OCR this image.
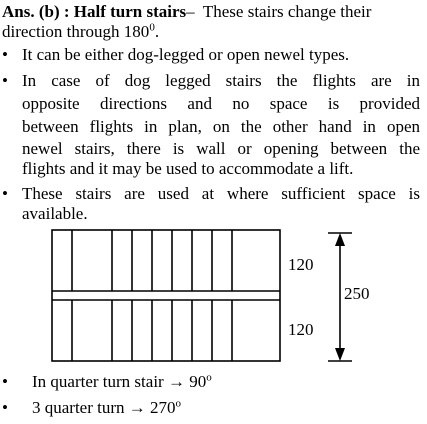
Ans. (b) : Half turn stairs– These stairs change their
direction through $180^0$.
• It can be either dog-legged or open newel types.
• In case of dog legged stairs the flights are in
opposite directions and no space is provided
between flights in plan, on the other hand in open
newel stairs, there is wall or opening between the
flights and it may be used to accommodate a lift.
• These stairs are used at where sufficient space is
available.
120
120
250
• In quarter turn stair → $90^o$
• 3 quarter turn → $270^o$
